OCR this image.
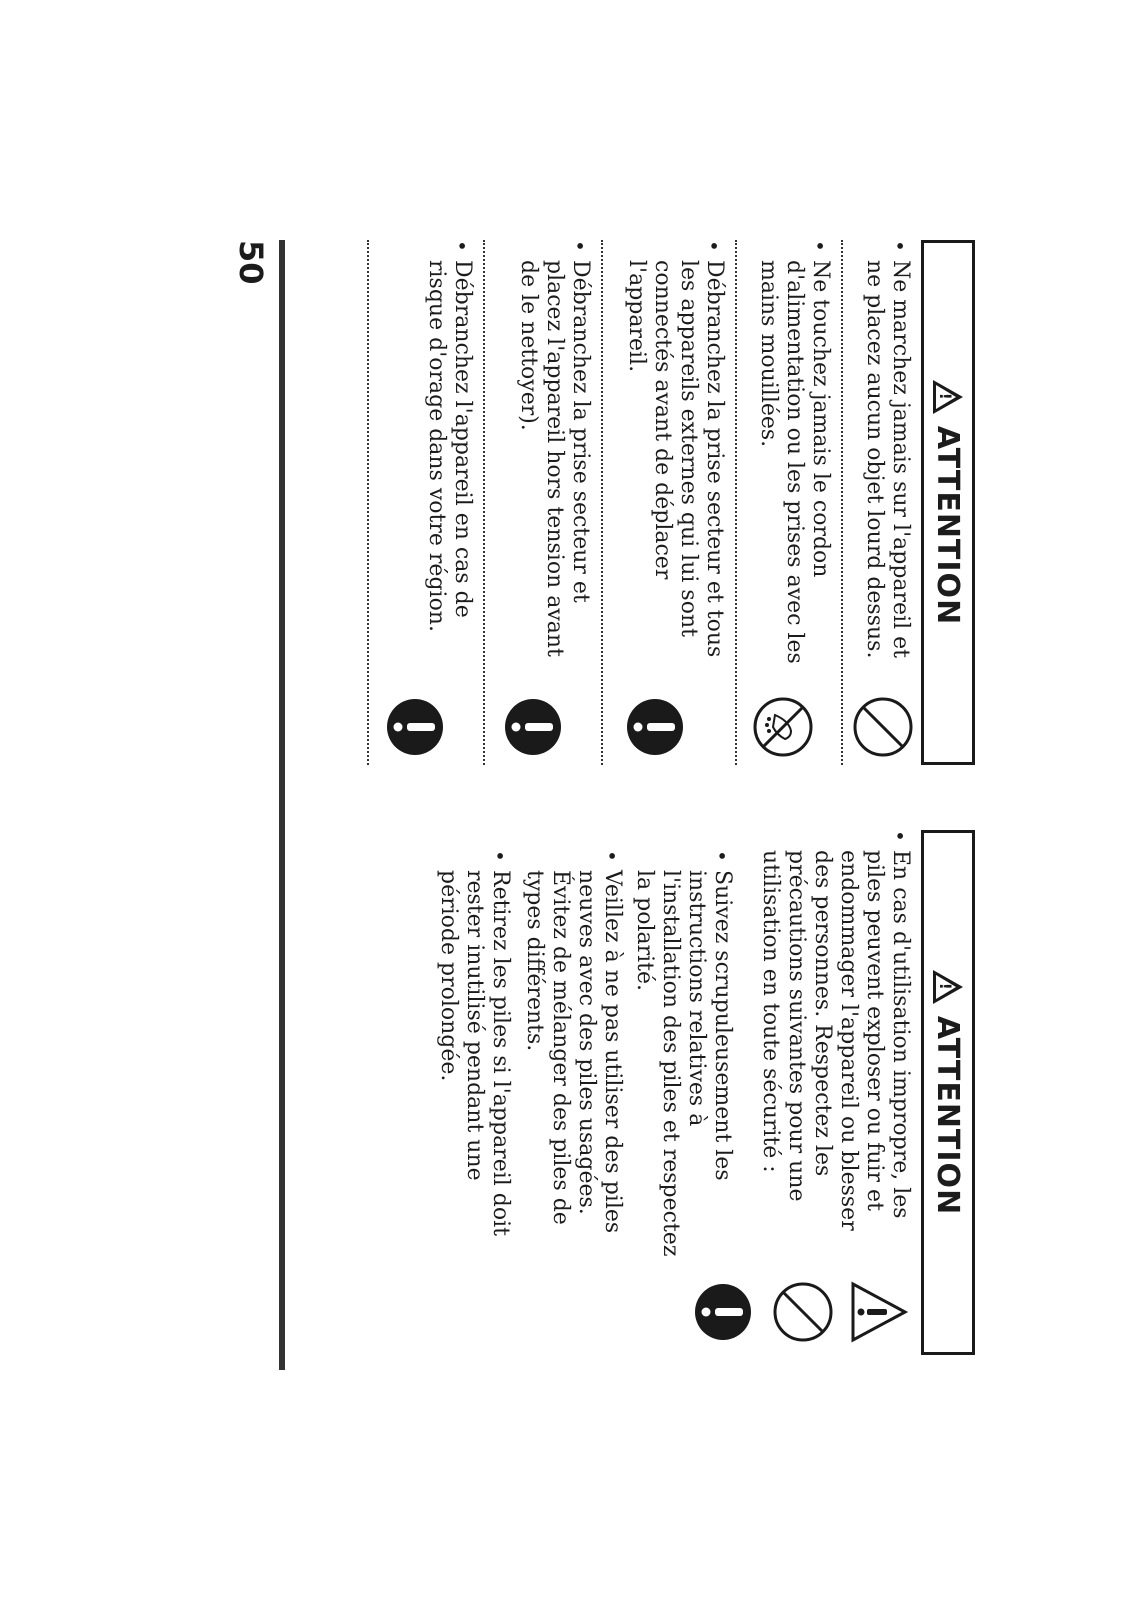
!
ATTENTION
•
Ne marchez jamais sur l'appareil et ne placez aucun objet lourd dessus.
•
Ne touchez jamais le cordon d'alimentation ou les prises avec les mains mouillées.
•
Débranchez la prise secteur et tous les appareils externes qui lui sont connectés avant de déplacer l'appareil.
•
Débranchez la prise secteur et placez l'appareil hors tension avant de le nettoyer).
•
Débranchez l'appareil en cas de risque d'orage dans votre région.
!
ATTENTION
•
En cas d'utilisation impropre, les piles peuvent exploser ou fuir et endommager l'appareil ou blesser des personnes. Respectez les précautions suivantes pour une utilisation en toute sécurité :
•
Suivez scrupuleusement les instructions relatives à l'installation des piles et respectez la polarité.
•
Veillez à ne pas utiliser des piles neuves avec des piles usagées. Évitez de mélanger des piles de types différents.
•
Retirez les piles si l'appareil doit rester inutilisé pendant une période prolongée.
50
